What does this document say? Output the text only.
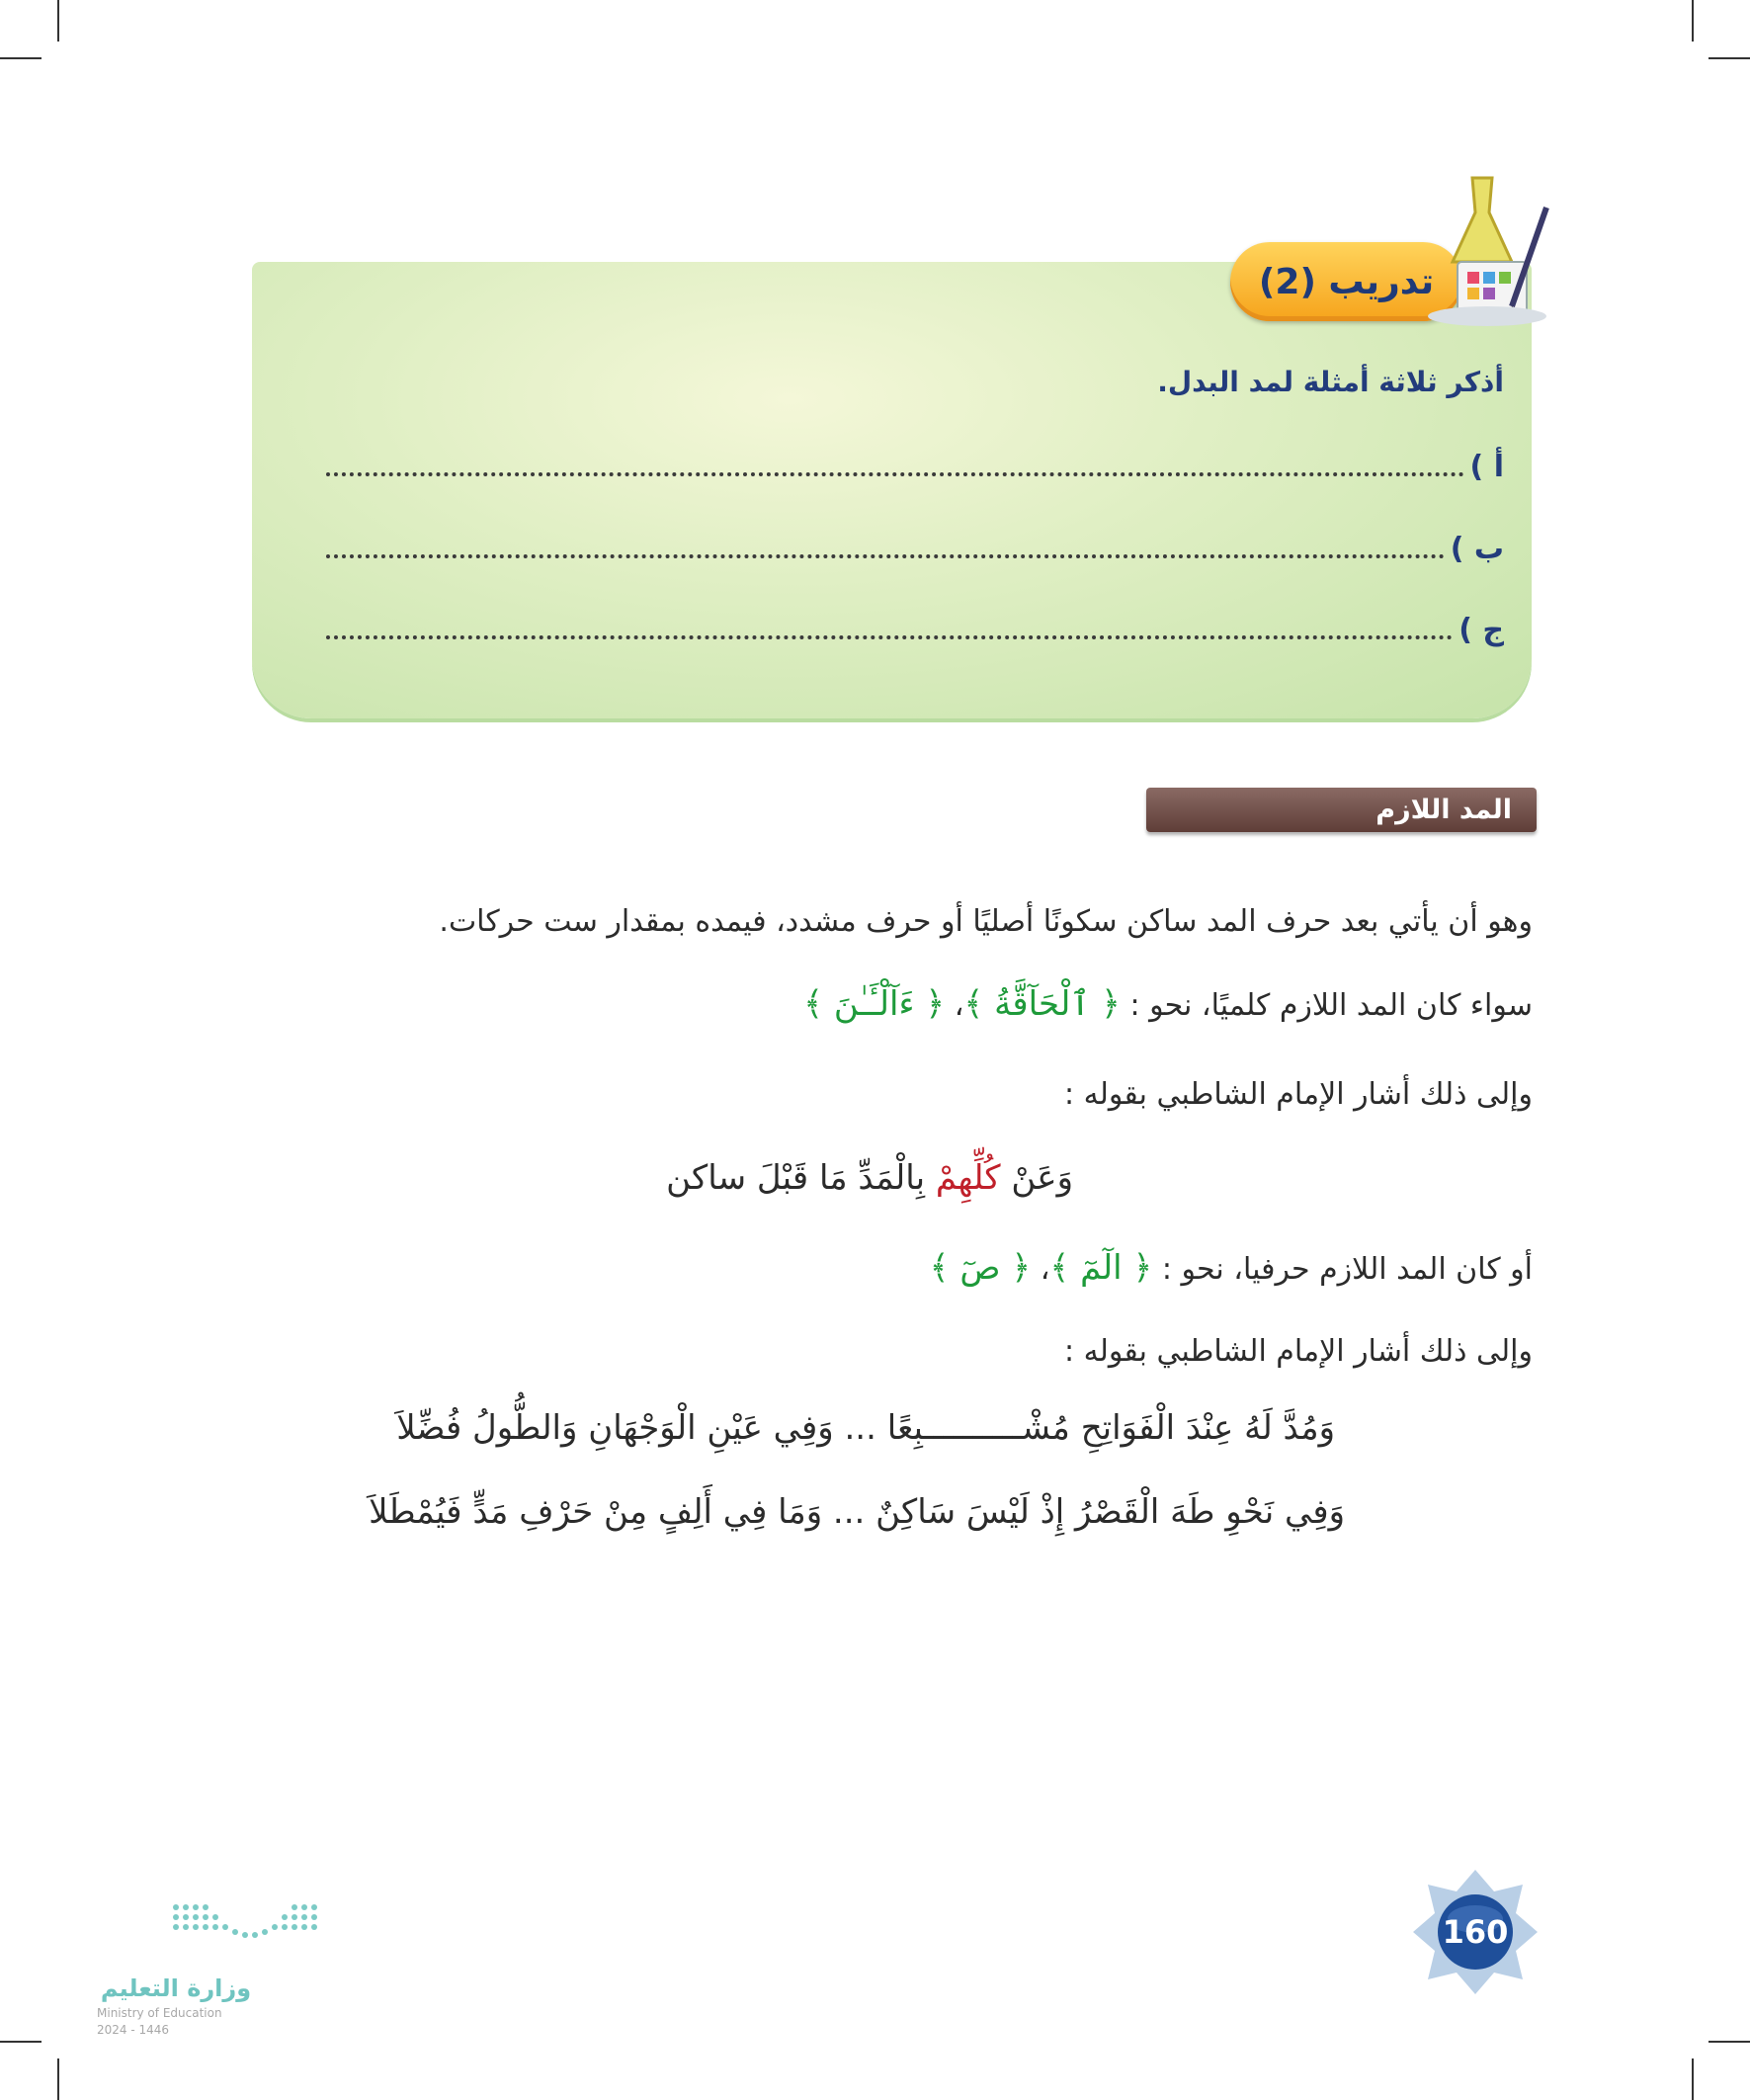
تدريب (2)
أذكر ثلاثة أمثلة لمد البدل.
أ )
ب )
ج )
المد اللازم
وهو أن يأتي بعد حرف المد ساكن سكونًا أصليًا أو حرف مشدد، فيمده بمقدار ست حركات.
سواء كان المد اللازم كلميًا، نحو : ﴿ ٱلْحَآقَّةُ ﴾، ﴿ ءَآلْـَٔـٰنَ ﴾
وإلى ذلك أشار الإمام الشاطبي بقوله :
وَعَنْ كُلِّهِمْ بِالْمَدِّ مَا قَبْلَ ساكن
أو كان المد اللازم حرفيا، نحو : ﴿ الٓمٓ ﴾، ﴿ صٓ ﴾
وإلى ذلك أشار الإمام الشاطبي بقوله :
وَمُدَّ لَهُ عِنْدَ الْفَوَاتِحِ مُشْــــــــــبِعًا ... وَفِي عَيْنِ الْوَجْهَانِ وَالطُّولُ فُضِّلاَ
وَفِي نَحْوِ طَهَ الْقَصْرُ إِذْ لَيْسَ سَاكِنٌ ... وَمَا فِي أَلِفٍ مِنْ حَرْفِ مَدٍّ فَيُمْطَلاَ
160
وزارة التعليم
Ministry of Education
2024 - 1446
